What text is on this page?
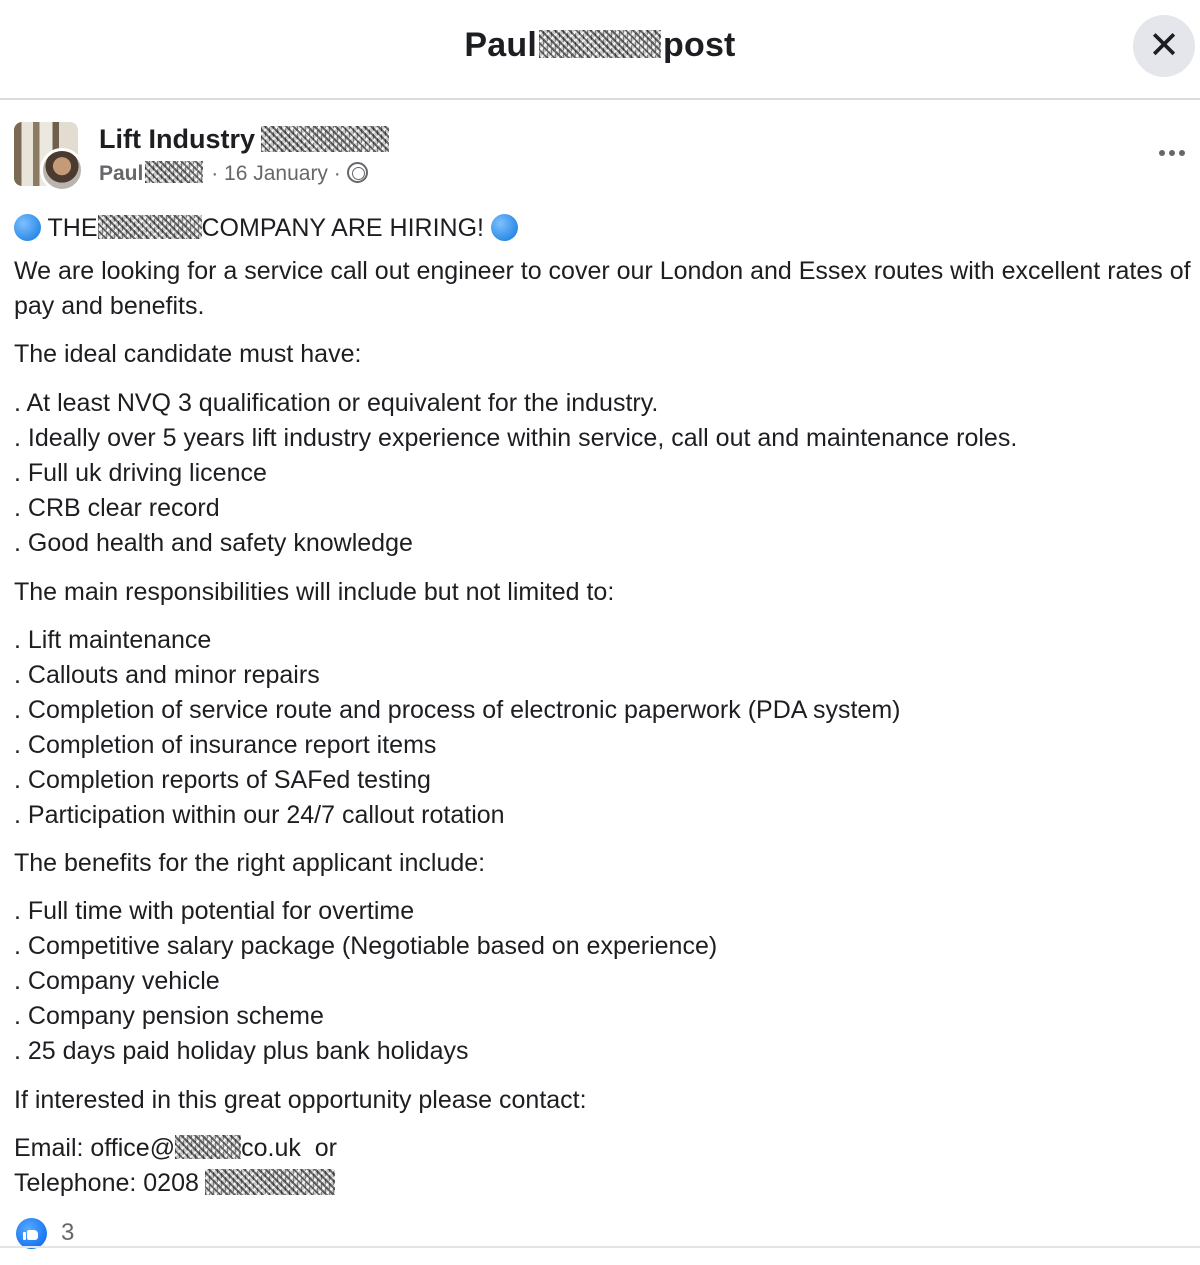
Paul	post	✕
Lift Industry
Paul	· 16 January ·
THE	COMPANY ARE HIRING!
We are looking for a service call out engineer to cover our London and Essex routes with excellent rates of pay and benefits.
The ideal candidate must have:
. At least NVQ 3 qualification or equivalent for the industry.
. Ideally over 5 years lift industry experience within service, call out and maintenance roles.
. Full uk driving licence
. CRB clear record
. Good health and safety knowledge
The main responsibilities will include but not limited to:
. Lift maintenance
. Callouts and minor repairs
. Completion of service route and process of electronic paperwork (PDA system)
. Completion of insurance report items
. Completion reports of SAFed testing
. Participation within our 24/7 callout rotation
The benefits for the right applicant include:
. Full time with potential for overtime
. Competitive salary package (Negotiable based on experience)
. Company vehicle
. Company pension scheme
. 25 days paid holiday plus bank holidays
If interested in this great opportunity please contact:
Email: office@	co.uk  or
Telephone: 0208
3
